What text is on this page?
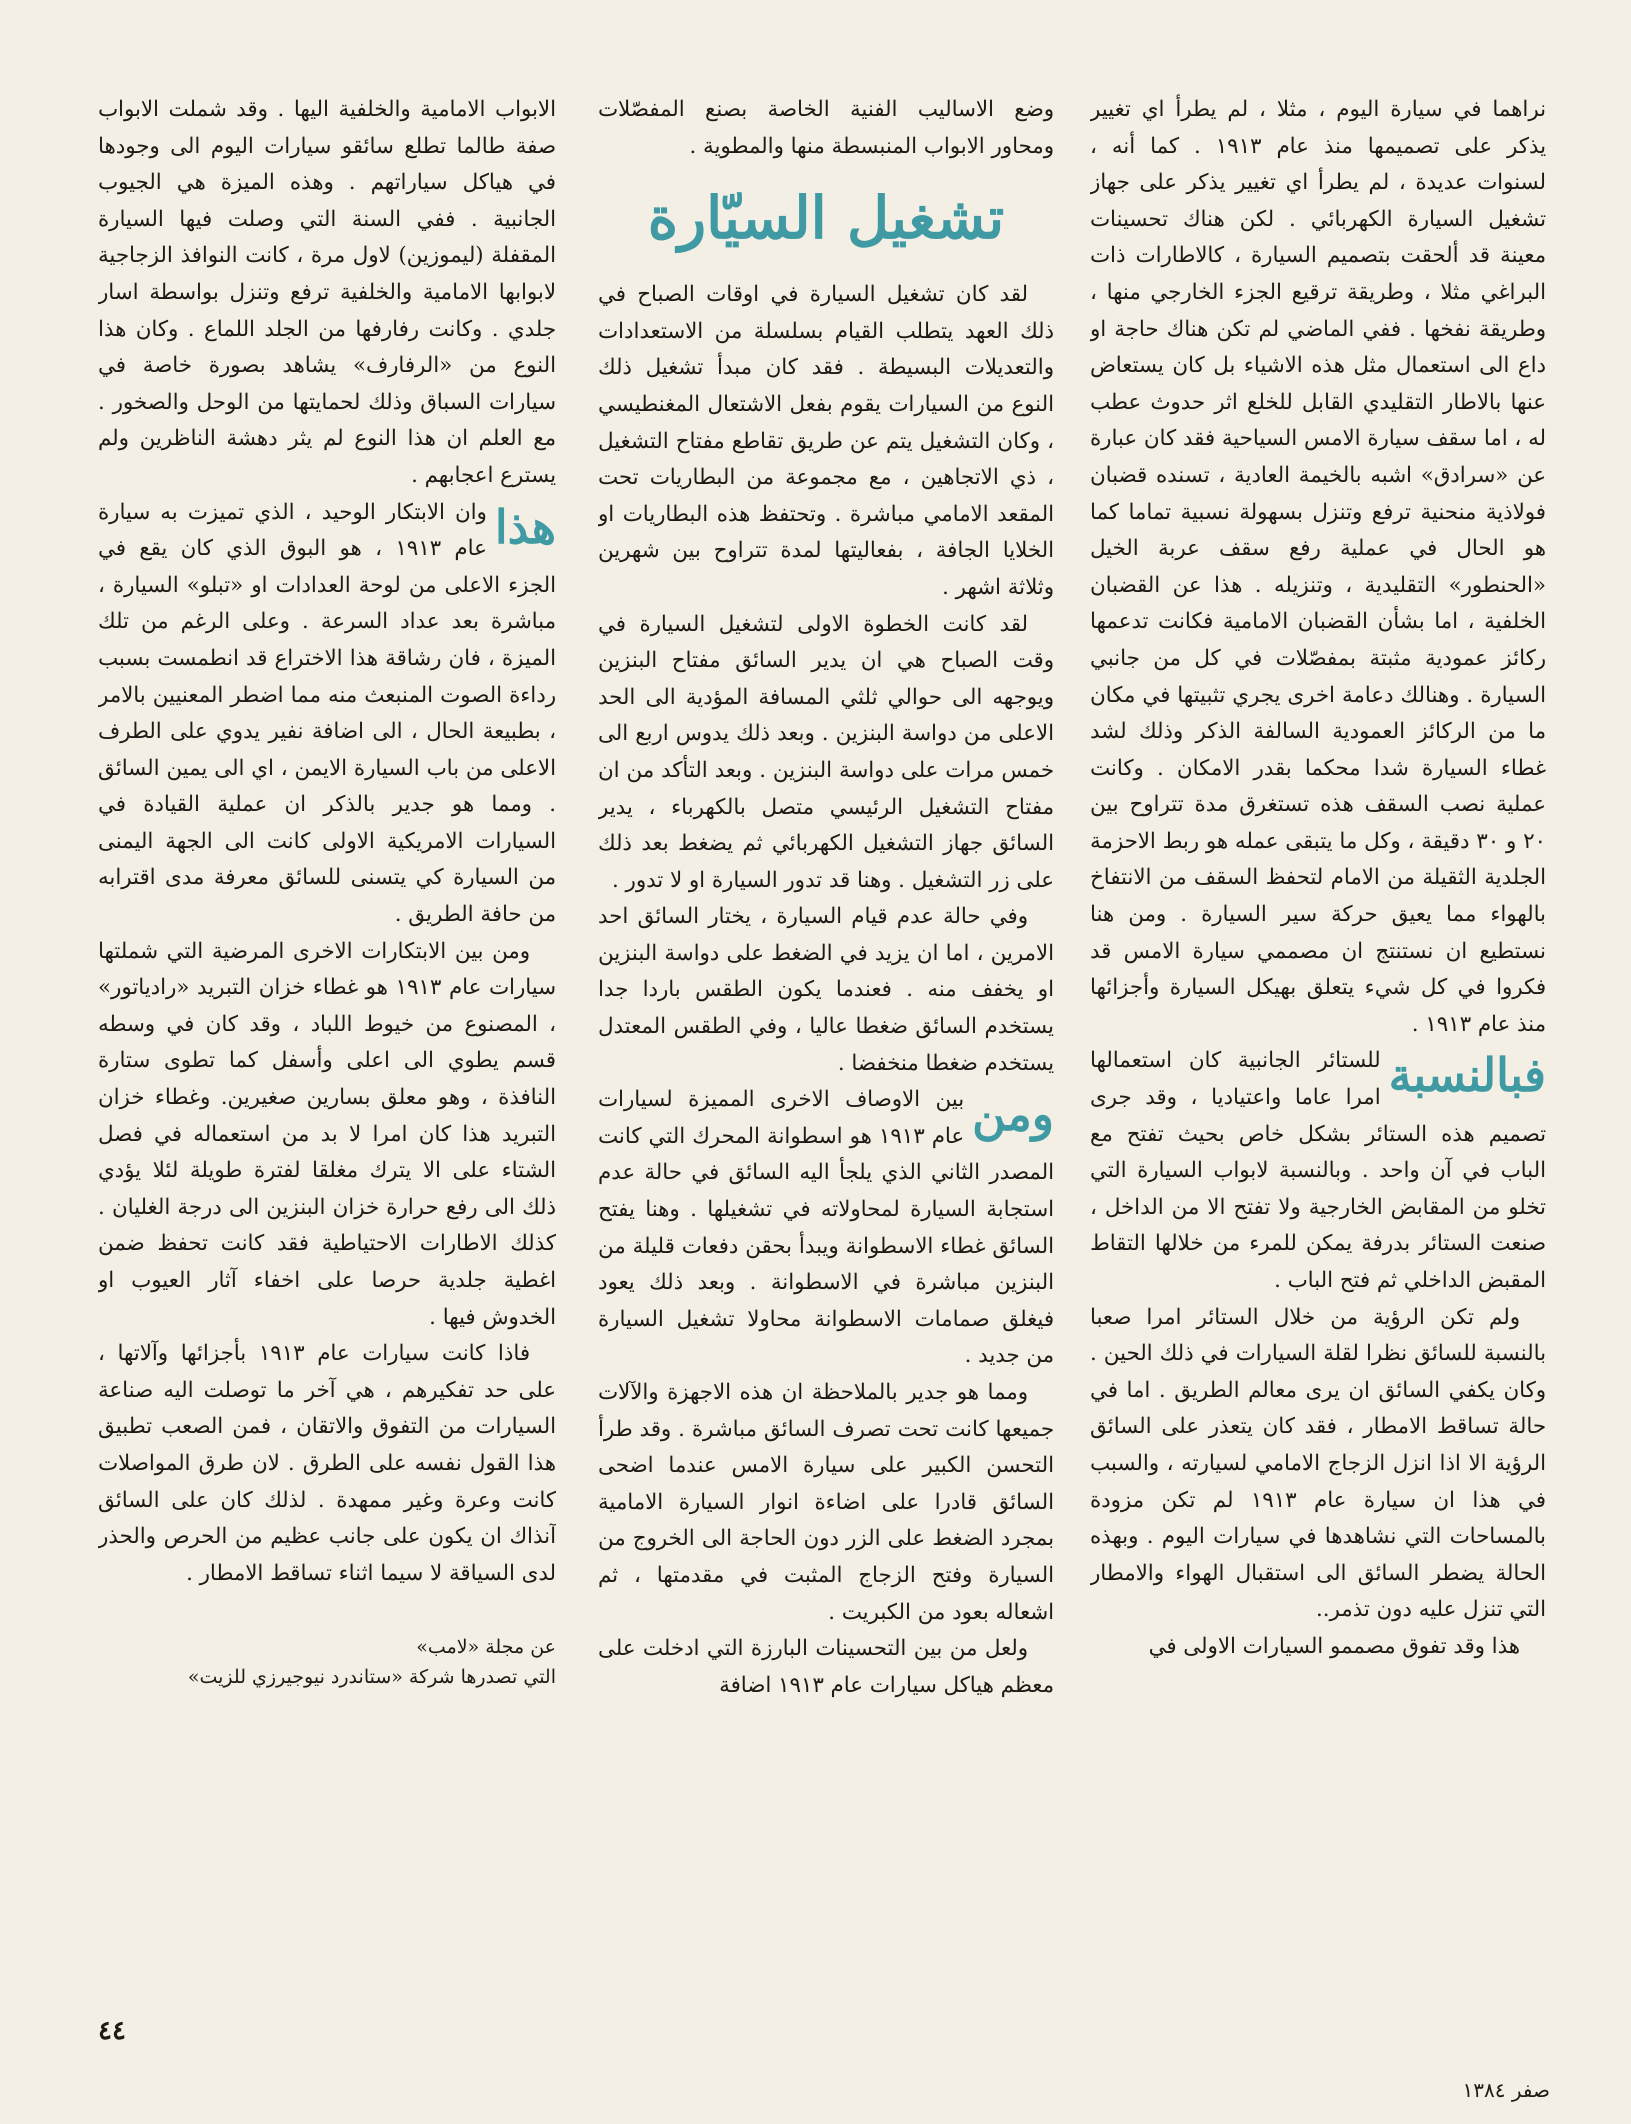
نراهما في سيارة اليوم ، مثلا ، لم يطرأ اي تغيير يذكر على تصميمها منذ عام ١٩١٣ . كما أنه ، لسنوات عديدة ، لم يطرأ اي تغيير يذكر على جهاز تشغيل السيارة الكهربائي . لكن هناك تحسينات معينة قد ألحقت بتصميم السيارة ، كالاطارات ذات البراغي مثلا ، وطريقة ترقيع الجزء الخارجي منها ، وطريقة نفخها . ففي الماضي لم تكن هناك حاجة او داع الى استعمال مثل هذه الاشياء بل كان يستعاض عنها بالاطار التقليدي القابل للخلع اثر حدوث عطب له ، اما سقف سيارة الامس السياحية فقد كان عبارة عن «سرادق» اشبه بالخيمة العادية ، تسنده قضبان فولاذية منحنية ترفع وتنزل بسهولة نسبية تماما كما هو الحال في عملية رفع سقف عربة الخيل «الحنطور» التقليدية ، وتنزيله . هذا عن القضبان الخلفية ، اما بشأن القضبان الامامية فكانت تدعمها ركائز عمودية مثبتة بمفصّلات في كل من جانبي السيارة . وهنالك دعامة اخرى يجري تثبيتها في مكان ما من الركائز العمودية السالفة الذكر وذلك لشد غطاء السيارة شدا محكما بقدر الامكان . وكانت عملية نصب السقف هذه تستغرق مدة تتراوح بين ٢٠ و ٣٠ دقيقة ، وكل ما يتبقى عمله هو ربط الاحزمة الجلدية الثقيلة من الامام لتحفظ السقف من الانتفاخ بالهواء مما يعيق حركة سير السيارة . ومن هنا نستطيع ان نستنتج ان مصممي سيارة الامس قد فكروا في كل شيء يتعلق بهيكل السيارة وأجزائها منذ عام ١٩١٣ .

فبالنسبة
للستائر الجانبية كان استعمالها امرا عاما واعتياديا ، وقد جرى تصميم هذه الستائر بشكل خاص بحيث تفتح مع الباب في آن واحد . وبالنسبة لابواب السيارة التي تخلو من المقابض الخارجية ولا تفتح الا من الداخل ، صنعت الستائر بدرفة يمكن للمرء من خلالها التقاط المقبض الداخلي ثم فتح الباب .

ولم تكن الرؤية من خلال الستائر امرا صعبا بالنسبة للسائق نظرا لقلة السيارات في ذلك الحين . وكان يكفي السائق ان يرى معالم الطريق . اما في حالة تساقط الامطار ، فقد كان يتعذر على السائق الرؤية الا اذا انزل الزجاج الامامي لسيارته ، والسبب في هذا ان سيارة عام ١٩١٣ لم تكن مزودة بالمساحات التي نشاهدها في سيارات اليوم . وبهذه الحالة يضطر السائق الى استقبال الهواء والامطار التي تنزل عليه دون تذمر..

هذا وقد تفوق مصممو السيارات الاولى في

وضع الاساليب الفنية الخاصة بصنع المفصّلات ومحاور الابواب المنبسطة منها والمطوية .

تشغيل السيّارة

لقد كان تشغيل السيارة في اوقات الصباح في ذلك العهد يتطلب القيام بسلسلة من الاستعدادات والتعديلات البسيطة . فقد كان مبدأ تشغيل ذلك النوع من السيارات يقوم بفعل الاشتعال المغنطيسي ، وكان التشغيل يتم عن طريق تقاطع مفتاح التشغيل ، ذي الاتجاهين ، مع مجموعة من البطاريات تحت المقعد الامامي مباشرة . وتحتفظ هذه البطاريات او الخلايا الجافة ، بفعاليتها لمدة تتراوح بين شهرين وثلاثة اشهر .

لقد كانت الخطوة الاولى لتشغيل السيارة في وقت الصباح هي ان يدير السائق مفتاح البنزين ويوجهه الى حوالي ثلثي المسافة المؤدية الى الحد الاعلى من دواسة البنزين . وبعد ذلك يدوس اربع الى خمس مرات على دواسة البنزين . وبعد التأكد من ان مفتاح التشغيل الرئيسي متصل بالكهرباء ، يدير السائق جهاز التشغيل الكهربائي ثم يضغط بعد ذلك على زر التشغيل . وهنا قد تدور السيارة او لا تدور .

وفي حالة عدم قيام السيارة ، يختار السائق احد الامرين ، اما ان يزيد في الضغط على دواسة البنزين او يخفف منه . فعندما يكون الطقس باردا جدا يستخدم السائق ضغطا عاليا ، وفي الطقس المعتدل يستخدم ضغطا منخفضا .

ومن
بين الاوصاف الاخرى المميزة لسيارات عام ١٩١٣ هو اسطوانة المحرك التي كانت المصدر الثاني الذي يلجأ اليه السائق في حالة عدم استجابة السيارة لمحاولاته في تشغيلها . وهنا يفتح السائق غطاء الاسطوانة ويبدأ بحقن دفعات قليلة من البنزين مباشرة في الاسطوانة . وبعد ذلك يعود فيغلق صمامات الاسطوانة محاولا تشغيل السيارة من جديد .

ومما هو جدير بالملاحظة ان هذه الاجهزة والآلات جميعها كانت تحت تصرف السائق مباشرة . وقد طرأ التحسن الكبير على سيارة الامس عندما اضحى السائق قادرا على اضاءة انوار السيارة الامامية بمجرد الضغط على الزر دون الحاجة الى الخروج من السيارة وفتح الزجاج المثبت في مقدمتها ، ثم اشعاله بعود من الكبريت .

ولعل من بين التحسينات البارزة التي ادخلت على معظم هياكل سيارات عام ١٩١٣ اضافة

الابواب الامامية والخلفية اليها . وقد شملت الابواب صفة طالما تطلع سائقو سيارات اليوم الى وجودها في هياكل سياراتهم . وهذه الميزة هي الجيوب الجانبية . ففي السنة التي وصلت فيها السيارة المقفلة (ليموزين) لاول مرة ، كانت النوافذ الزجاجية لابوابها الامامية والخلفية ترفع وتنزل بواسطة اسار جلدي . وكانت رفارفها من الجلد اللماع . وكان هذا النوع من «الرفارف» يشاهد بصورة خاصة في سيارات السباق وذلك لحمايتها من الوحل والصخور . مع العلم ان هذا النوع لم يثر دهشة الناظرين ولم يسترع اعجابهم .

هذا
وان الابتكار الوحيد ، الذي تميزت به سيارة عام ١٩١٣ ، هو البوق الذي كان يقع في الجزء الاعلى من لوحة العدادات او «تبلو» السيارة ، مباشرة بعد عداد السرعة . وعلى الرغم من تلك الميزة ، فان رشاقة هذا الاختراع قد انطمست بسبب رداءة الصوت المنبعث منه مما اضطر المعنيين بالامر ، بطبيعة الحال ، الى اضافة نفير يدوي على الطرف الاعلى من باب السيارة الايمن ، اي الى يمين السائق . ومما هو جدير بالذكر ان عملية القيادة في السيارات الامريكية الاولى كانت الى الجهة اليمنى من السيارة كي يتسنى للسائق معرفة مدى اقترابه من حافة الطريق .

ومن بين الابتكارات الاخرى المرضية التي شملتها سيارات عام ١٩١٣ هو غطاء خزان التبريد «رادياتور» ، المصنوع من خيوط اللباد ، وقد كان في وسطه قسم يطوي الى اعلى وأسفل كما تطوى ستارة النافذة ، وهو معلق بسارين صغيرين. وغطاء خزان التبريد هذا كان امرا لا بد من استعماله في فصل الشتاء على الا يترك مغلقا لفترة طويلة لئلا يؤدي ذلك الى رفع حرارة خزان البنزين الى درجة الغليان . كذلك الاطارات الاحتياطية فقد كانت تحفظ ضمن اغطية جلدية حرصا على اخفاء آثار العيوب او الخدوش فيها .

فاذا كانت سيارات عام ١٩١٣ بأجزائها وآلاتها ، على حد تفكيرهم ، هي آخر ما توصلت اليه صناعة السيارات من التفوق والاتقان ، فمن الصعب تطبيق هذا القول نفسه على الطرق . لان طرق المواصلات كانت وعرة وغير ممهدة . لذلك كان على السائق آنذاك ان يكون على جانب عظيم من الحرص والحذر لدى السياقة لا سيما اثناء تساقط الامطار .

عن مجلة «لامب»
التي تصدرها شركة «ستاندرد نيوجيرزي للزيت»
٤٤
صفر ١٣٨٤
